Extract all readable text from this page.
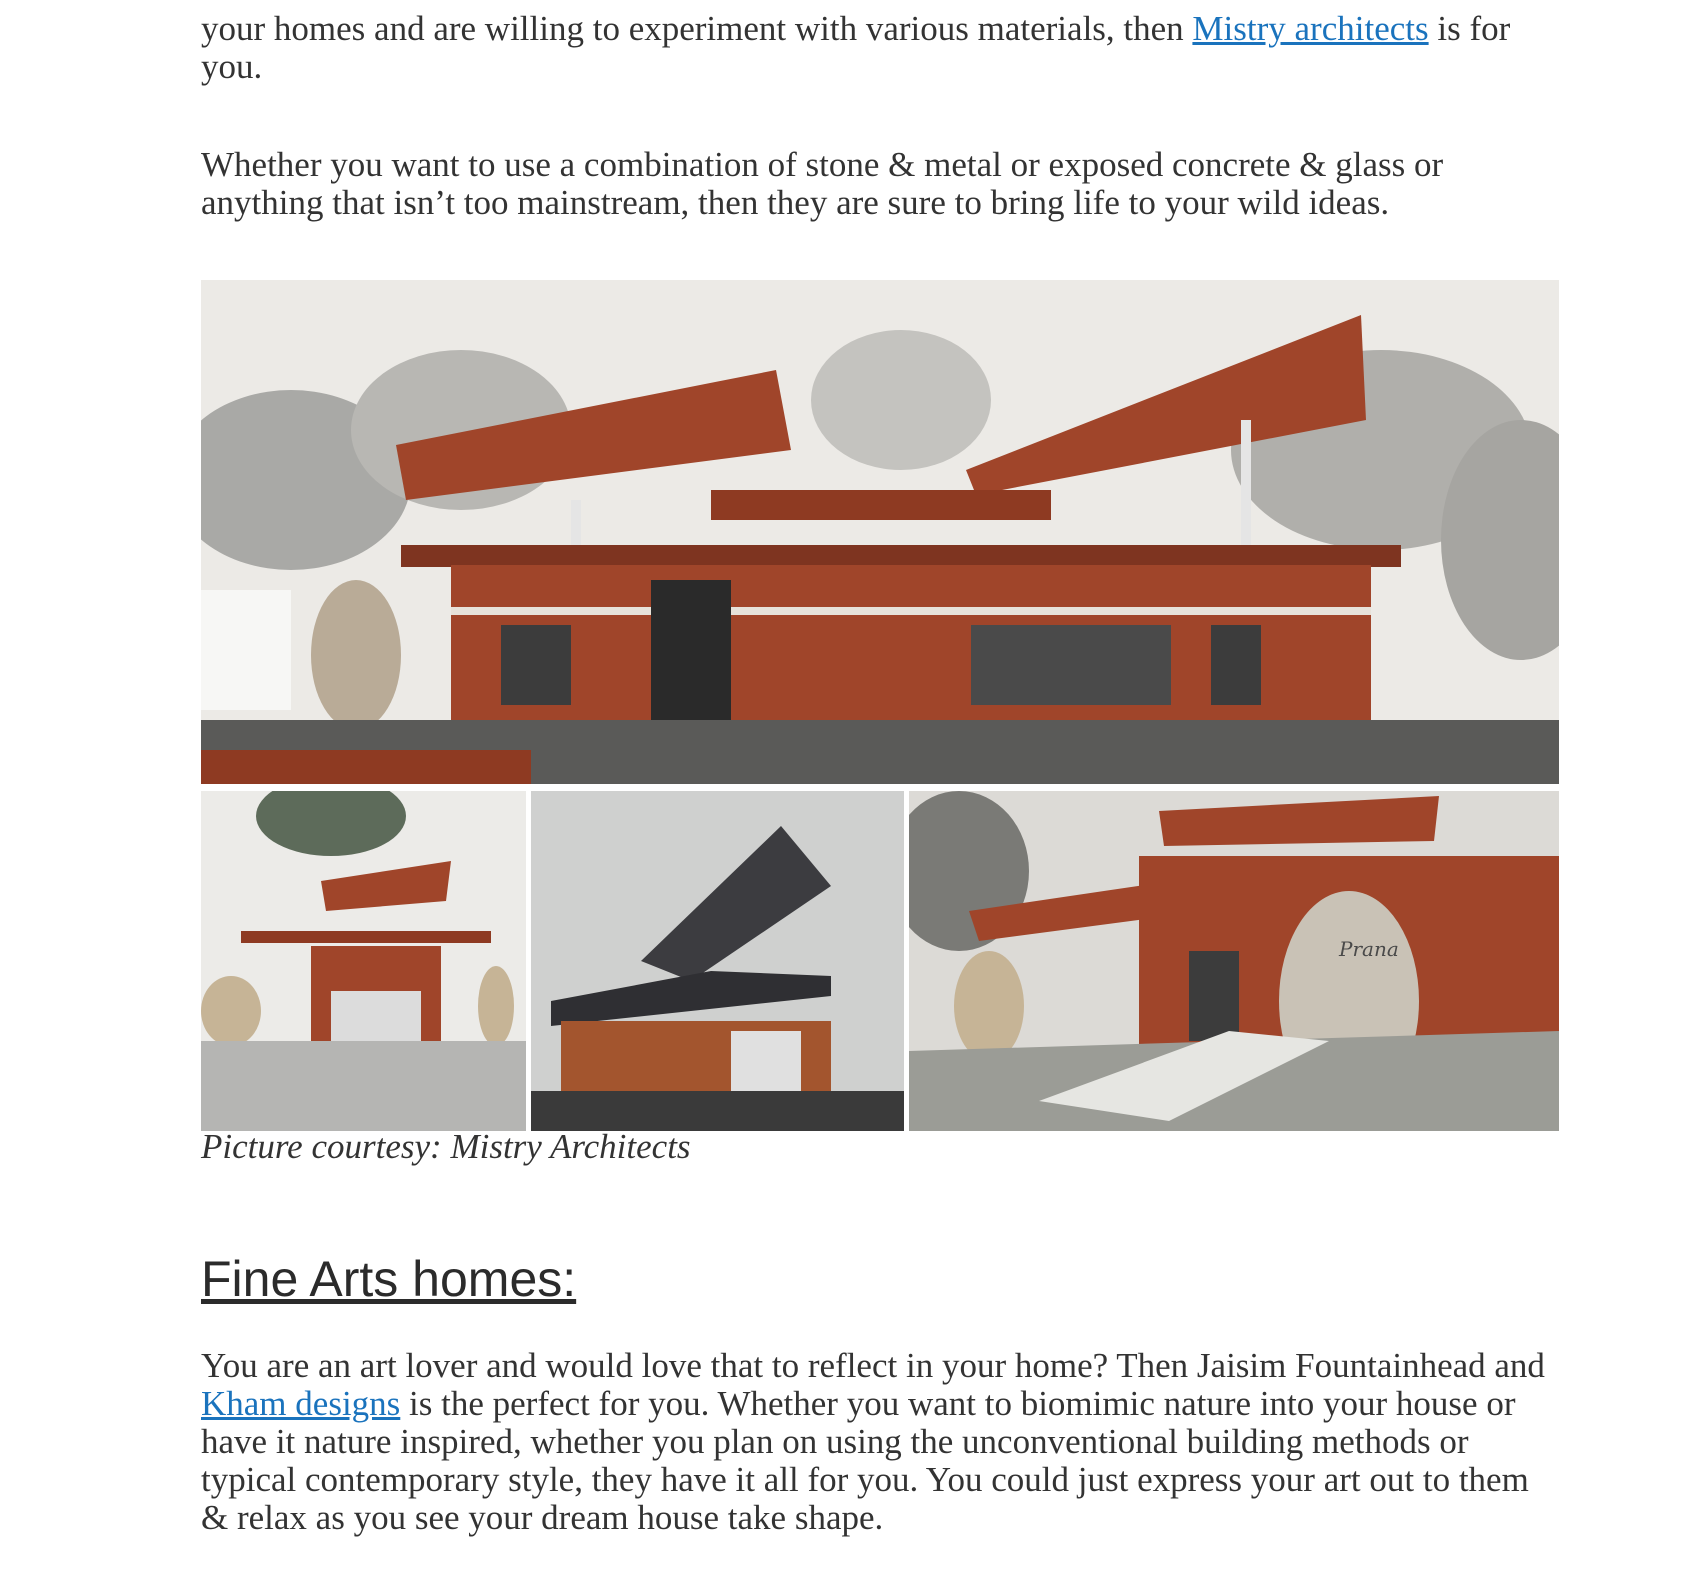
your homes and are willing to experiment with various materials, then Mistry architects is for you.

Whether you want to use a combination of stone & metal or exposed concrete & glass or anything that isn’t too mainstream, then they are sure to bring life to your wild ideas.

Prana

Picture courtesy: Mistry Architects

Fine Arts homes:

You are an art lover and would love that to reflect in your home? Then Jaisim Fountainhead and Kham designs is the perfect for you. Whether you want to biomimic nature into your house or have it nature inspired, whether you plan on using the unconventional building methods or typical contemporary style, they have it all for you. You could just express your art out to them & relax as you see your dream house take shape.
